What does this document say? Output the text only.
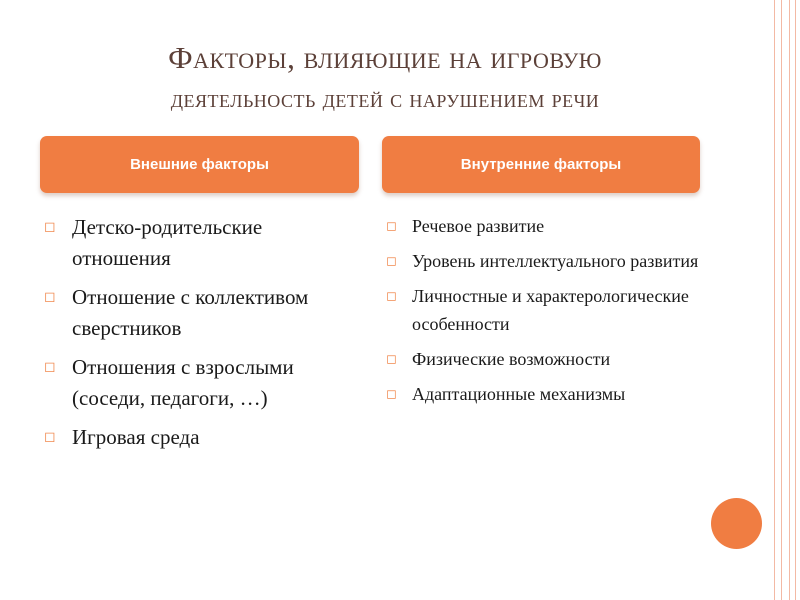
Факторы, влияющие на игровую
деятельность детей с нарушением речи
Внешние факторы	Внутренние факторы
◻ Детско-родительские отношения
◻ Отношение с коллективом сверстников
◻ Отношения с взрослыми (соседи, педагоги, …)
◻ Игровая среда
◻ Речевое развитие
◻ Уровень интеллектуального развития
◻ Личностные и характерологические особенности
◻ Физические возможности
◻ Адаптационные механизмы
